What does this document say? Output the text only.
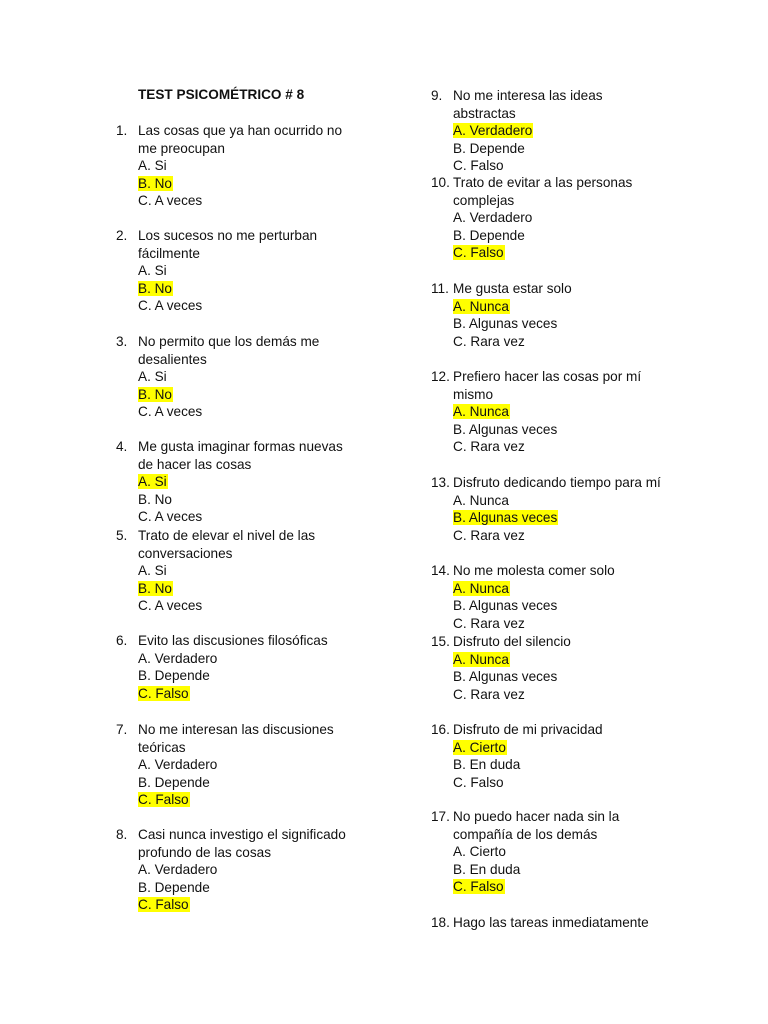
TEST PSICOMÉTRICO # 8
1. Las cosas que ya han ocurrido no
me preocupan
A. Si
B. No
C. A veces
2. Los sucesos no me perturban
fácilmente
A. Si
B. No
C. A veces
3. No permito que los demás me
desalientes
A. Si
B. No
C. A veces
4. Me gusta imaginar formas nuevas
de hacer las cosas
A. Si
B. No
C. A veces
5. Trato de elevar el nivel de las
conversaciones
A. Si
B. No
C. A veces
6. Evito las discusiones filosóficas
A. Verdadero
B. Depende
C. Falso
7. No me interesan las discusiones
teóricas
A. Verdadero
B. Depende
C. Falso
8. Casi nunca investigo el significado
profundo de las cosas
A. Verdadero
B. Depende
C. Falso
9. No me interesa las ideas
abstractas
A. Verdadero
B. Depende
C. Falso
10. Trato de evitar a las personas
complejas
A. Verdadero
B. Depende
C. Falso
11. Me gusta estar solo
A. Nunca
B. Algunas veces
C. Rara vez
12. Prefiero hacer las cosas por mí
mismo
A. Nunca
B. Algunas veces
C. Rara vez
13. Disfruto dedicando tiempo para mí
A. Nunca
B. Algunas veces
C. Rara vez
14. No me molesta comer solo
A. Nunca
B. Algunas veces
C. Rara vez
15. Disfruto del silencio
A. Nunca
B. Algunas veces
C. Rara vez
16. Disfruto de mi privacidad
A. Cierto
B. En duda
C. Falso
17. No puedo hacer nada sin la
compañía de los demás
A. Cierto
B. En duda
C. Falso
18. Hago las tareas inmediatamente
